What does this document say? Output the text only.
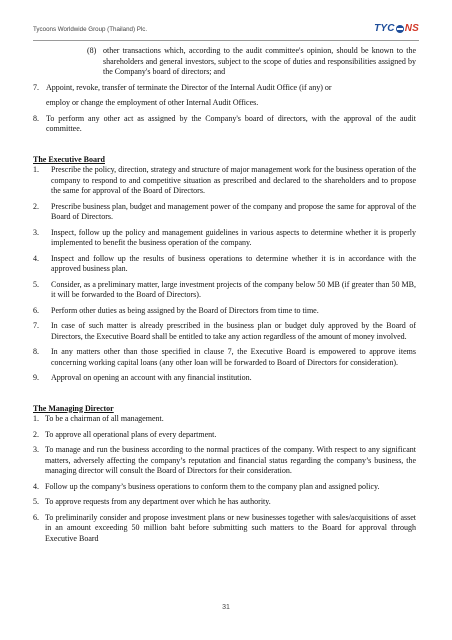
Tycoons Worldwide Group (Thailand) Plc.	TYC NS
(8) other transactions which, according to the audit committee's opinion, should be known to the shareholders and general investors, subject to the scope of duties and responsibilities assigned by the Company's board of directors; and
7. Appoint, revoke, transfer of terminate the Director of the Internal Audit Office (if any) or
employ or change the employment of other Internal Audit Offices.
8. To perform any other act as assigned by the Company's board of directors, with the approval of the audit committee.
The Executive Board
1.	Prescribe the policy, direction, strategy and structure of major management work for the business operation of the company to respond to and competitive situation as prescribed and declared to the shareholders and to propose the same for approval of the Board of Directors.
2.	Prescribe business plan, budget and management power of the company and propose the same for approval of the Board of Directors.
3.	Inspect, follow up the policy and management guidelines in various aspects to determine whether it is properly implemented to benefit the business operation of the company.
4.	Inspect and follow up the results of business operations to determine whether it is in accordance with the approved business plan.
5.	Consider, as a preliminary matter, large investment projects of the company below 50 MB (if greater than 50 MB, it will be forwarded to the Board of Directors).
6.	Perform other duties as being assigned by the Board of Directors from time to time.
7.	In case of such matter is already prescribed in the business plan or budget duly approved by the Board of Directors, the Executive Board shall be entitled to take any action regardless of the amount of money involved.
8.	In any matters other than those specified in clause 7, the Executive Board is empowered to approve items concerning working capital loans (any other loan will be forwarded to Board of Directors for consideration).
9.	Approval on opening an account with any financial institution.
The Managing Director
1. To be a chairman of all management.
2. To approve all operational plans of every department.
3. To manage and run the business according to the normal practices of the company. With respect to any significant matters, adversely affecting the company’s reputation and financial status regarding the company’s business, the managing director will consult the Board of Directors for their consideration.
4. Follow up the company’s business operations to conform them to the company plan and assigned policy.
5. To approve requests from any department over which he has authority.
6. To preliminarily consider and propose investment plans or new businesses together with sales/acquisitions of asset in an amount exceeding 50 million baht before submitting such matters to the Board for approval through Executive Board
31
